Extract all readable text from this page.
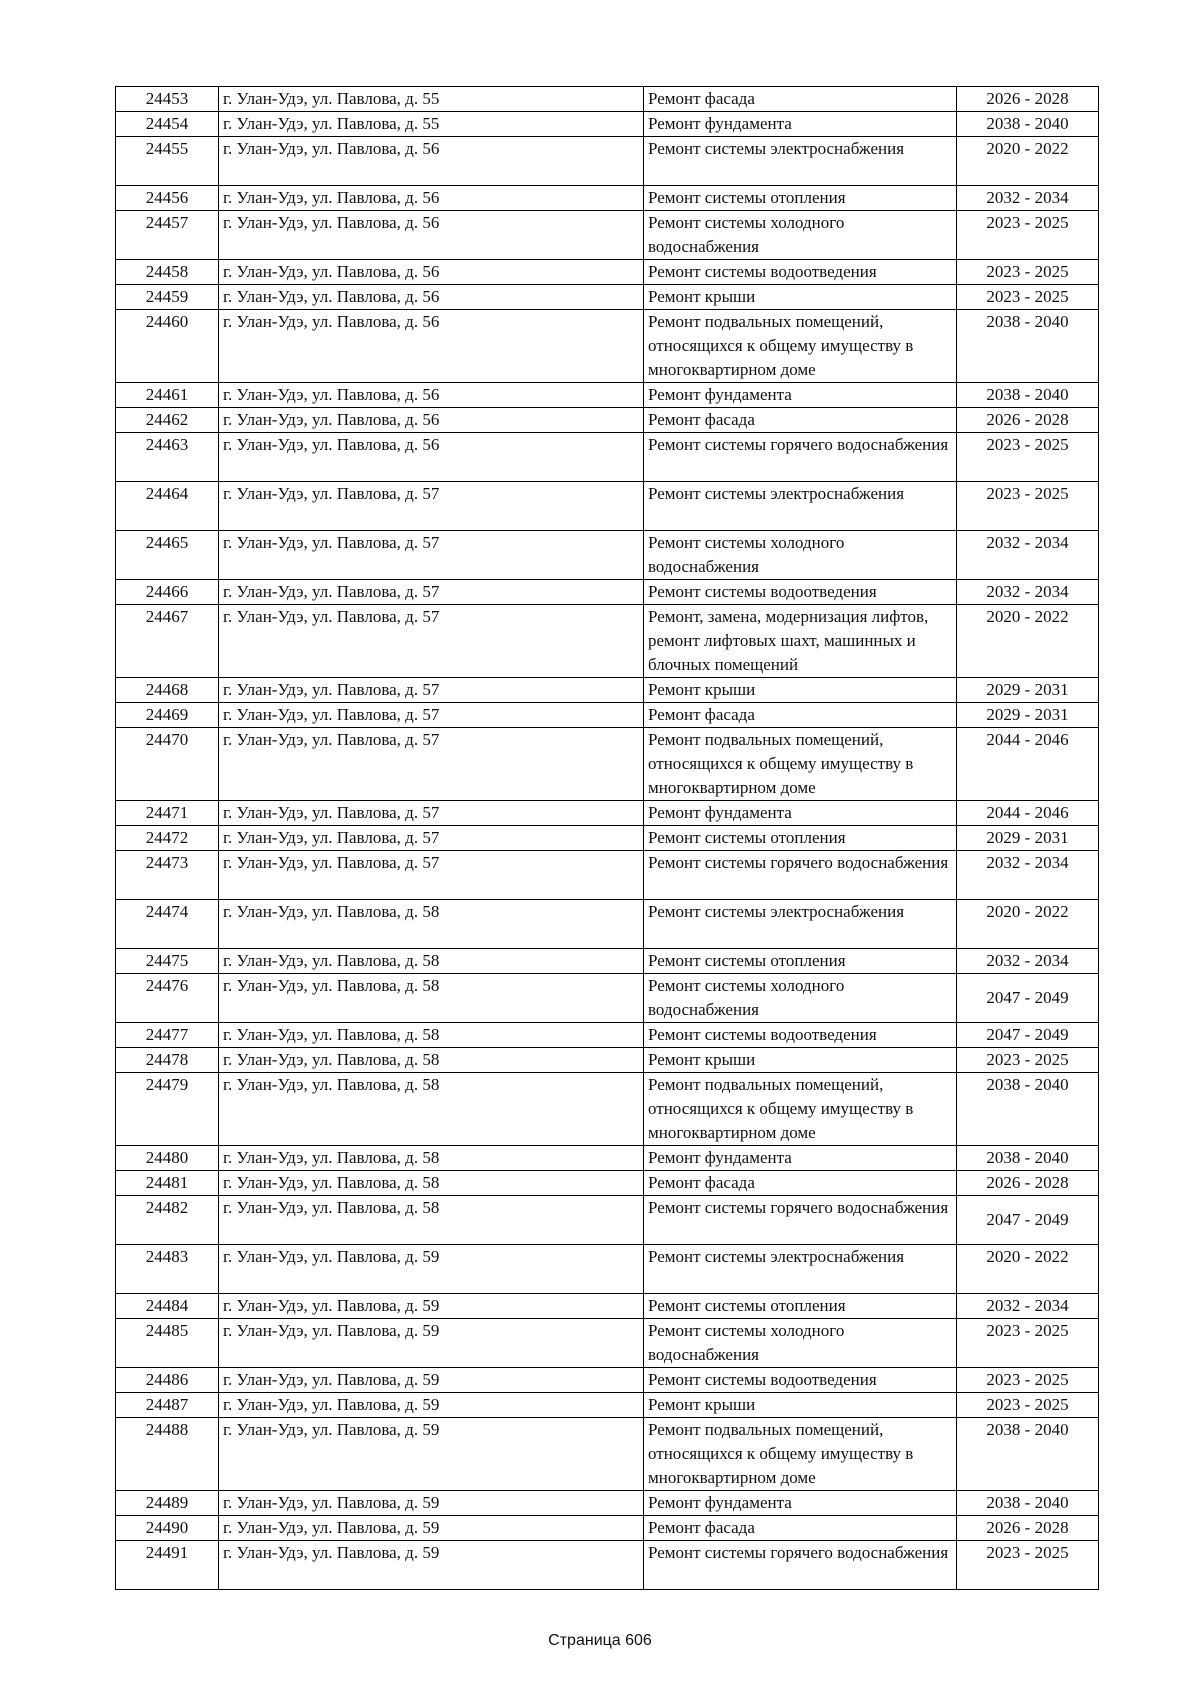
24453	г. Улан-Удэ, ул. Павлова, д. 55	Ремонт фасада	2026 - 2028
24454	г. Улан-Удэ, ул. Павлова, д. 55	Ремонт фундамента	2038 - 2040
24455	г. Улан-Удэ, ул. Павлова, д. 56	Ремонт системы электроснабжения	2020 - 2022
24456	г. Улан-Удэ, ул. Павлова, д. 56	Ремонт системы отопления	2032 - 2034
24457	г. Улан-Удэ, ул. Павлова, д. 56	Ремонт системы холодного водоснабжения	2023 - 2025
24458	г. Улан-Удэ, ул. Павлова, д. 56	Ремонт системы водоотведения	2023 - 2025
24459	г. Улан-Удэ, ул. Павлова, д. 56	Ремонт крыши	2023 - 2025
24460	г. Улан-Удэ, ул. Павлова, д. 56	Ремонт подвальных помещений, относящихся к общему имуществу в многоквартирном доме	2038 - 2040
24461	г. Улан-Удэ, ул. Павлова, д. 56	Ремонт фундамента	2038 - 2040
24462	г. Улан-Удэ, ул. Павлова, д. 56	Ремонт фасада	2026 - 2028
24463	г. Улан-Удэ, ул. Павлова, д. 56	Ремонт системы горячего водоснабжения	2023 - 2025
24464	г. Улан-Удэ, ул. Павлова, д. 57	Ремонт системы электроснабжения	2023 - 2025
24465	г. Улан-Удэ, ул. Павлова, д. 57	Ремонт системы холодного водоснабжения	2032 - 2034
24466	г. Улан-Удэ, ул. Павлова, д. 57	Ремонт системы водоотведения	2032 - 2034
24467	г. Улан-Удэ, ул. Павлова, д. 57	Ремонт, замена, модернизация лифтов, ремонт лифтовых шахт, машинных и блочных помещений	2020 - 2022
24468	г. Улан-Удэ, ул. Павлова, д. 57	Ремонт крыши	2029 - 2031
24469	г. Улан-Удэ, ул. Павлова, д. 57	Ремонт фасада	2029 - 2031
24470	г. Улан-Удэ, ул. Павлова, д. 57	Ремонт подвальных помещений, относящихся к общему имуществу в многоквартирном доме	2044 - 2046
24471	г. Улан-Удэ, ул. Павлова, д. 57	Ремонт фундамента	2044 - 2046
24472	г. Улан-Удэ, ул. Павлова, д. 57	Ремонт системы отопления	2029 - 2031
24473	г. Улан-Удэ, ул. Павлова, д. 57	Ремонт системы горячего водоснабжения	2032 - 2034
24474	г. Улан-Удэ, ул. Павлова, д. 58	Ремонт системы электроснабжения	2020 - 2022
24475	г. Улан-Удэ, ул. Павлова, д. 58	Ремонт системы отопления	2032 - 2034
24476	г. Улан-Удэ, ул. Павлова, д. 58	Ремонт системы холодного водоснабжения	2047 - 2049
24477	г. Улан-Удэ, ул. Павлова, д. 58	Ремонт системы водоотведения	2047 - 2049
24478	г. Улан-Удэ, ул. Павлова, д. 58	Ремонт крыши	2023 - 2025
24479	г. Улан-Удэ, ул. Павлова, д. 58	Ремонт подвальных помещений, относящихся к общему имуществу в многоквартирном доме	2038 - 2040
24480	г. Улан-Удэ, ул. Павлова, д. 58	Ремонт фундамента	2038 - 2040
24481	г. Улан-Удэ, ул. Павлова, д. 58	Ремонт фасада	2026 - 2028
24482	г. Улан-Удэ, ул. Павлова, д. 58	Ремонт системы горячего водоснабжения	2047 - 2049
24483	г. Улан-Удэ, ул. Павлова, д. 59	Ремонт системы электроснабжения	2020 - 2022
24484	г. Улан-Удэ, ул. Павлова, д. 59	Ремонт системы отопления	2032 - 2034
24485	г. Улан-Удэ, ул. Павлова, д. 59	Ремонт системы холодного водоснабжения	2023 - 2025
24486	г. Улан-Удэ, ул. Павлова, д. 59	Ремонт системы водоотведения	2023 - 2025
24487	г. Улан-Удэ, ул. Павлова, д. 59	Ремонт крыши	2023 - 2025
24488	г. Улан-Удэ, ул. Павлова, д. 59	Ремонт подвальных помещений, относящихся к общему имуществу в многоквартирном доме	2038 - 2040
24489	г. Улан-Удэ, ул. Павлова, д. 59	Ремонт фундамента	2038 - 2040
24490	г. Улан-Удэ, ул. Павлова, д. 59	Ремонт фасада	2026 - 2028
24491	г. Улан-Удэ, ул. Павлова, д. 59	Ремонт системы горячего водоснабжения	2023 - 2025
Страница 606
